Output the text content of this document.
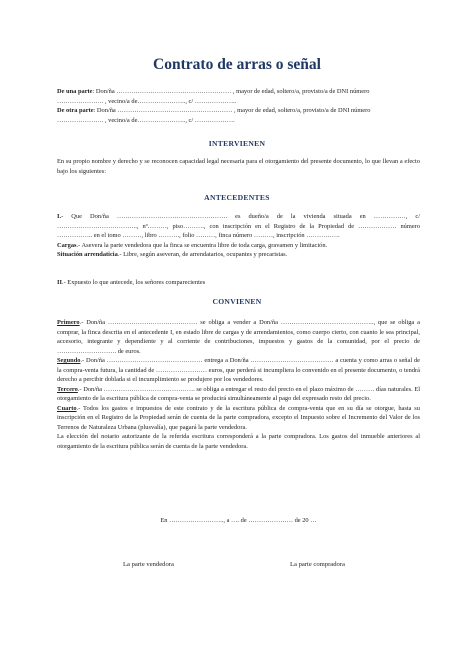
Contrato de arras o señal

De una parte: Don/ña ……………………………………………… , mayor de edad, soltero/a, provisto/a de DNI número

…………………. , vecino/a de………………….., c/ ………………..

De otra parte: Don/ña ……………………………………………… , mayor de edad, soltero/a, provisto/a de DNI número

…………………. , vecino/a de………………….., c/ ……………….

INTERVIENEN

En su propio nombre y derecho y se reconocen capacidad legal necesaria para el otorgamiento del presente documento, lo que llevan a efecto bajo los siguientes:

ANTECEDENTES

I.- Que Don/ña ……………………………………………. es dueño/a de la vivienda situada en ……………, c/ ……………………………….., nº………, piso………., con inscripción en el Registro de la Propiedad de ……………… número …………….. en el tomo ………, libro ………., folio ………, finca número ………, inscripción …………….

Cargas.- Asevera la parte vendedora que la finca se encuentra libre de toda carga, gravamen y limitación.

Situación arrendaticia.- Libre, según aseveran, de arrendatarios, ocupantes y precaristas.

II.- Expuesto lo que antecede, los señores comparecientes

CONVIENEN

Primero.- Don/ña …………………………………… se obliga a vender a Don/ña …………………………………….., que se obliga a comprar, la finca descrita en el antecedente I, en estado libre de cargas y de arrendamientos, como cuerpo cierto, con cuanto le sea principal, accesorio, integrante y dependiente y al corriente de contribuciones, impuestos y gastos de la comunidad, por el precio de ………………………. de euros.

Segundo.- Don/ña ……………………………………… entrega a Don/ña ………………………………… a cuenta y como arras o señal de la compra-venta futura, la cantidad de …………………… euros, que perderá si incumpliera lo convenido en el presente documento, o tendrá derecho a percibir doblada si el incumplimiento se produjere por los vendedores.

Tercero.- Don/ña ……………………………………. se obliga a entregar el resto del precio en el plazo máximo de ……… días naturales. El otorgamiento de la escritura pública de compra-venta se producirá simultáneamente al pago del expresado resto del precio.

Cuarto.- Todos los gastos e impuestos de este contrato y de la escritura pública de compra-venta que en su día se otorgue, hasta su inscripción en el Registro de la Propiedad serán de cuenta de la parte compradora, excepto el Impuesto sobre el Incremento del Valor de los Terrenos de Naturaleza Urbana (plusvalía), que pagará la parte vendedora.

La elección del notario autorizante de la referida escritura corresponderá a la parte compradora. Los gastos del inmueble anteriores al otorgamiento de la escritura pública serán de cuenta de la parte vendedora.

En …………………….., a …. de ………………… de 20 …
La parte vendedora	La parte compradora
